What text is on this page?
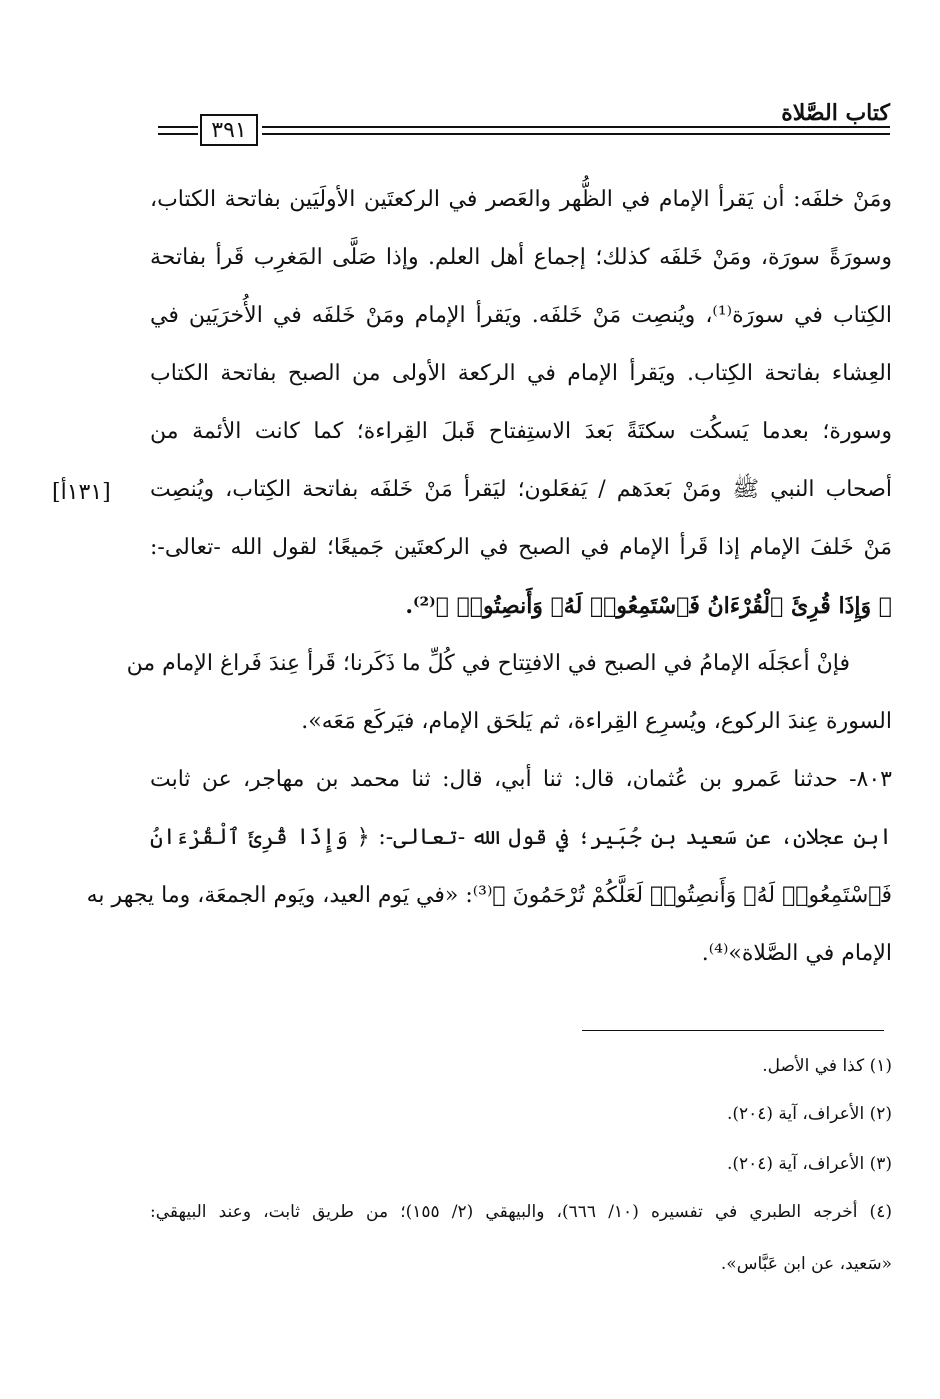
كتاب الصَّلاة
٣٩١
ومَنْ خلفَه: أن يَقرأ الإمام في الظُّهر والعَصر في الركعتَين الأولَيَين بفاتحة الكتاب،
وسورَةً سورَة، ومَنْ خَلفَه كذلك؛ إجماع أهل العلم. وإذا صَلَّى المَغرِب قَرأ بفاتحة
الكِتاب في سورَة⁽¹⁾، ويُنصِت مَنْ خَلفَه. ويَقرأ الإمام ومَنْ خَلفَه في الأُخرَيَين في
العِشاء بفاتحة الكِتاب. ويَقرأ الإمام في الركعة الأولى من الصبح بفاتحة الكتاب
وسورة؛ بعدما يَسكُت سكتَةً بَعدَ الاستِفتاح قَبلَ القِراءة؛ كما كانت الأئمة من
أصحاب النبي ﷺ ومَنْ بَعدَهم / يَفعَلون؛ ليَقرأ مَنْ خَلفَه بفاتحة الكِتاب، ويُنصِت
[١٣١أ]
مَنْ خَلفَ الإمام إذا قَرأ الإمام في الصبح في الركعتَين جَميعًا؛ لقول الله -تعالى-:
﴿ وَإِذَا قُرِئَ ٱلْقُرْءَانُ فَٱسْتَمِعُوا۟ لَهُۥ وَأَنصِتُوا۟ ﴾⁽²⁾.
فإنْ أعجَلَه الإمامُ في الصبح في الافتِتاح في كُلِّ ما ذَكَرنا؛ قَرأ عِندَ فَراغ الإمام من
السورة عِندَ الركوع، ويُسرِع القِراءة، ثم يَلحَق الإمام، فيَركَع مَعَه».
٨٠٣- حدثنا عَمرو بن عُثمان، قال: ثنا أبي، قال: ثنا محمد بن مهاجر، عن ثابت
ابن عجلان، عن سَعيد بن جُبَير؛ في قول الله -تعالى-: ﴿ وَإِذَا قُرِئَ ٱلْقُرْءَانُ
فَٱسْتَمِعُوا۟ لَهُۥ وَأَنصِتُوا۟ لَعَلَّكُمْ تُرْحَمُونَ ﴾⁽³⁾: «في يَوم العيد، ويَوم الجمعَة، وما يجهر به
الإمام في الصَّلاة»⁽⁴⁾.
(١) كذا في الأصل.
(٢) الأعراف، آية (٢٠٤).
(٣) الأعراف، آية (٢٠٤).
(٤) أخرجه الطبري في تفسيره (١٠/ ٦٦٦)، والبيهقي (٢/ ١٥٥)؛ من طريق ثابت، وعند البيهقي:
«سَعيد، عن ابن عَبَّاس».
